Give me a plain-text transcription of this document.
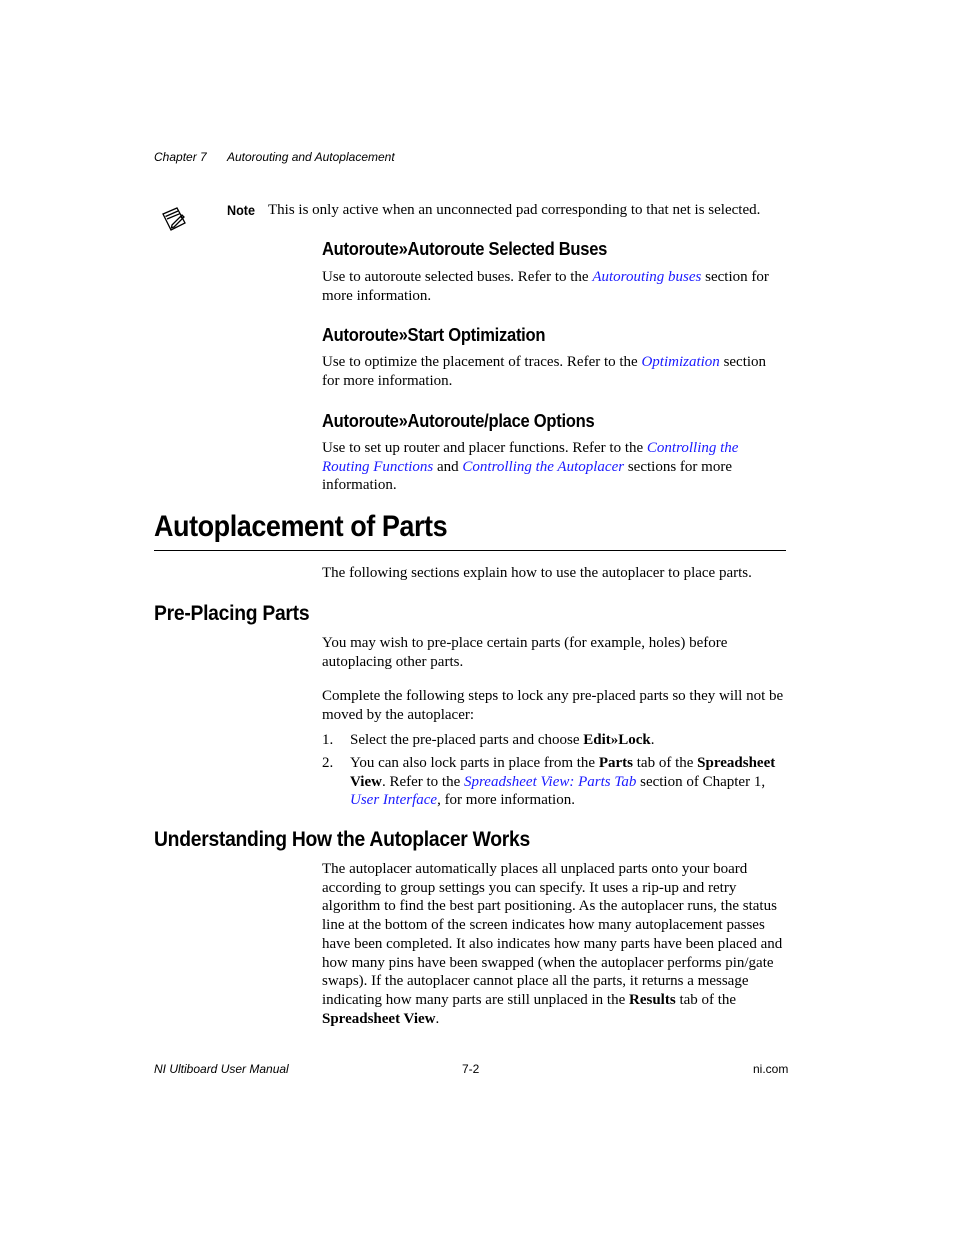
Chapter 7 Autorouting and Autoplacement
Note This is only active when an unconnected pad corresponding to that net is selected.
Autoroute»Autoroute Selected Buses
Use to autoroute selected buses. Refer to the Autorouting buses section for more information.
Autoroute»Start Optimization
Use to optimize the placement of traces. Refer to the Optimization section for more information.
Autoroute»Autoroute/place Options
Use to set up router and placer functions. Refer to the Controlling the Routing Functions and Controlling the Autoplacer sections for more information.
Autoplacement of Parts
The following sections explain how to use the autoplacer to place parts.
Pre-Placing Parts
You may wish to pre-place certain parts (for example, holes) before autoplacing other parts.
Complete the following steps to lock any pre-placed parts so they will not be moved by the autoplacer:
1. Select the pre-placed parts and choose Edit»Lock.
2. You can also lock parts in place from the Parts tab of the Spreadsheet View. Refer to the Spreadsheet View: Parts Tab section of Chapter 1, User Interface, for more information.
Understanding How the Autoplacer Works
The autoplacer automatically places all unplaced parts onto your board according to group settings you can specify. It uses a rip-up and retry algorithm to find the best part positioning. As the autoplacer runs, the status line at the bottom of the screen indicates how many autoplacement passes have been completed. It also indicates how many parts have been placed and how many pins have been swapped (when the autoplacer performs pin/gate swaps). If the autoplacer cannot place all the parts, it returns a message indicating how many parts are still unplaced in the Results tab of the Spreadsheet View.
NI Ultiboard User Manual	7-2	ni.com
